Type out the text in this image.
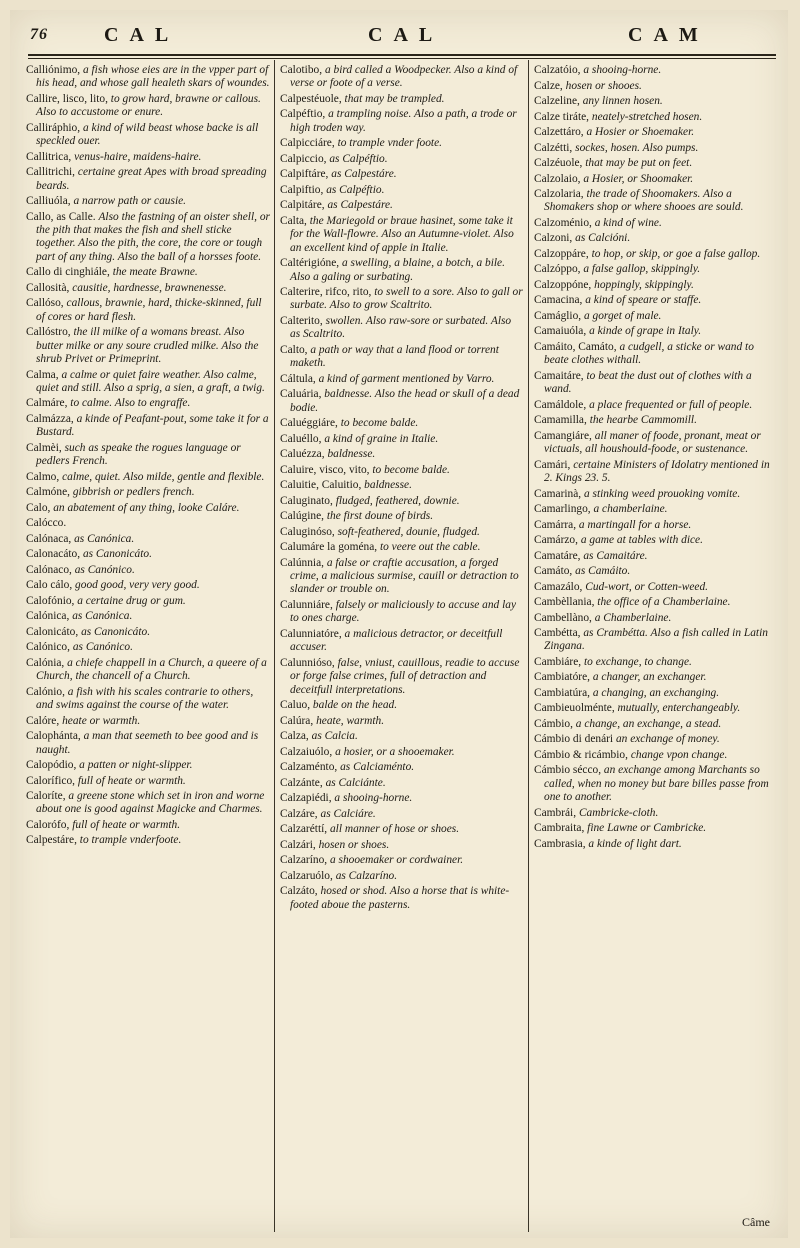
76	CAL	CAL	CAM

Calliónimo, a fish whose eies are in the vpper part of his head, and whose gall healeth skars of woundes.

Callire, lisco, lito, to grow hard, brawne or callous. Also to accustome or enure.

Calliráphio, a kind of wild beast whose backe is all speckled ouer.

Callitrica, venus-haire, maidens-haire.

Callitrichi, certaine great Apes with broad spreading beards.

Calliuóla, a narrow path or causie.

Callo, as Calle. Also the fastning of an oister shell, or the pith that makes the fish and shell sticke together. Also the pith, the core, the core or tough part of any thing. Also the ball of a horsses foote.

Callo di cinghiále, the meate Brawne.

Callosità, causitie, hardnesse, brawnenesse.

Callóso, callous, brawnie, hard, thicke-skinned, full of cores or hard flesh.

Callóstro, the ill milke of a womans breast. Also butter milke or any soure crudled milke. Also the shrub Privet or Primeprint.

Calma, a calme or quiet faire weather. Also calme, quiet and still. Also a sprig, a sien, a graft, a twig.

Calmáre, to calme. Also to engraffe.

Calmázza, a kinde of Peafant-pout, some take it for a Bustard.

Calmèi, such as speake the rogues language or pedlers French.

Calmo, calme, quiet. Also milde, gentle and flexible.

Calmóne, gibbrish or pedlers french.

Calo, an abatement of any thing, looke Caláre.

Calócco.

Calónaca, as Canónica.

Calonacáto, as Canonicáto.

Calónaco, as Canónico.

Calo cálo, good good, very very good.

Calofónio, a certaine drug or gum.

Calónica, as Canónica.

Calonicáto, as Canonicáto.

Calónico, as Canónico.

Calónia, a chiefe chappell in a Church, a queere of a Church, the chancell of a Church.

Calónio, a fish with his scales contrarie to others, and swims against the course of the water.

Calóre, heate or warmth.

Calophánta, a man that seemeth to bee good and is naught.

Calopódio, a patten or night-slipper.

Calorífico, full of heate or warmth.

Caloríte, a greene stone which set in iron and worne about one is good against Magicke and Charmes.

Calorófo, full of heate or warmth.

Calpestáre, to trample vnderfoote.

Calotibo, a bird called a Woodpecker. Also a kind of verse or foote of a verse.

Calpestéuole, that may be trampled.

Calpéftio, a trampling noise. Also a path, a trode or high troden way.

Calpicciáre, to trample vnder foote.

Calpiccio, as Calpéftio.

Calpiftáre, as Calpestáre.

Calpiftio, as Calpéftio.

Calpitáre, as Calpestáre.

Calta, the Mariegold or braue hasinet, some take it for the Wall-flowre. Also an Autumne-violet. Also an excellent kind of apple in Italie.

Caltérigióne, a swelling, a blaine, a botch, a bile. Also a galing or surbating.

Calterire, rifco, rito, to swell to a sore. Also to gall or surbate. Also to grow Scaltrito.

Calterito, swollen. Also raw-sore or surbated. Also as Scaltrito.

Calto, a path or way that a land flood or torrent maketh.

Cáltula, a kind of garment mentioned by Varro.

Caluária, baldnesse. Also the head or skull of a dead bodie.

Caluéggiáre, to become balde.

Caluéllo, a kind of graine in Italie.

Caluézza, baldnesse.

Caluire, visco, vito, to become balde.

Caluitie, Caluitio, baldnesse.

Caluginato, fludged, feathered, downie.

Calúgine, the first doune of birds.

Caluginóso, soft-feathered, dounie, fludged.

Calumáre la goména, to veere out the cable.

Calúnnia, a false or craftie accusation, a forged crime, a malicious surmise, cauill or detraction to slander or trouble on.

Calunniáre, falsely or maliciously to accuse and lay to ones charge.

Calunniatóre, a malicious detractor, or deceitfull accuser.

Calunnióso, false, vniust, cauillous, readie to accuse or forge false crimes, full of detraction and deceitfull interpretations.

Caluo, balde on the head.

Calúra, heate, warmth.

Calza, as Calcia.

Calzaiuólo, a hosier, or a shooemaker.

Calzaménto, as Calciaménto.

Calzánte, as Calciánte.

Calzapiédi, a shooing-horne.

Calzáre, as Calciáre.

Calzaréttí, all manner of hose or shoes.

Calzári, hosen or shoes.

Calzaríno, a shooemaker or cordwainer.

Calzaruólo, as Calzaríno.

Calzáto, hosed or shod. Also a horse that is white-footed aboue the pasterns.

Calzatóio, a shooing-horne.

Calze, hosen or shooes.

Calzeline, any linnen hosen.

Calze tiráte, neately-stretched hosen.

Calzettáro, a Hosier or Shoemaker.

Calzétti, sockes, hosen. Also pumps.

Calzéuole, that may be put on feet.

Calzolaio, a Hosier, or Shoomaker.

Calzolaria, the trade of Shoomakers. Also a Shomakers shop or where shooes are sould.

Calzoménio, a kind of wine.

Calzoni, as Calcióni.

Calzoppáre, to hop, or skip, or goe a false gallop.

Calzóppo, a false gallop, skippingly.

Calzoppóne, hoppingly, skippingly.

Camacina, a kind of speare or staffe.

Camáglio, a gorget of male.

Camaiuóla, a kinde of grape in Italy.

Camáito, Camáto, a cudgell, a sticke or wand to beate clothes withall.

Camaitáre, to beat the dust out of clothes with a wand.

Camáldole, a place frequented or full of people.

Camamilla, the hearbe Cammomill.

Camangiáre, all maner of foode, pronant, meat or victuals, all houshould-foode, or sustenance.

Camári, certaine Ministers of Idolatry mentioned in 2. Kings 23. 5.

Camarinà, a stinking weed prouoking vomite.

Camarlingo, a chamberlaine.

Camárra, a martingall for a horse.

Camárzo, a game at tables with dice.

Camatáre, as Camaitáre.

Camáto, as Camáito.

Camazálo, Cud-wort, or Cotten-weed.

Cambèllania, the office of a Chamberlaine.

Cambellàno, a Chamberlaine.

Cambétta, as Crambétta. Also a fish called in Latin Zingana.

Cambiáre, to exchange, to change.

Cambiatóre, a changer, an exchanger.

Cambiatúra, a changing, an exchanging.

Cambieuolménte, mutually, enterchangeably.

Cámbio, a change, an exchange, a stead.

Cámbio di denári an exchange of money.

Cámbio & ricámbio, change vpon change.

Cámbio sécco, an exchange among Marchants so called, when no money but bare billes passe from one to another.

Cambrái, Cambricke-cloth.

Cambraita, fine Lawne or Cambricke.

Cambrasia, a kinde of light dart.

Câme
